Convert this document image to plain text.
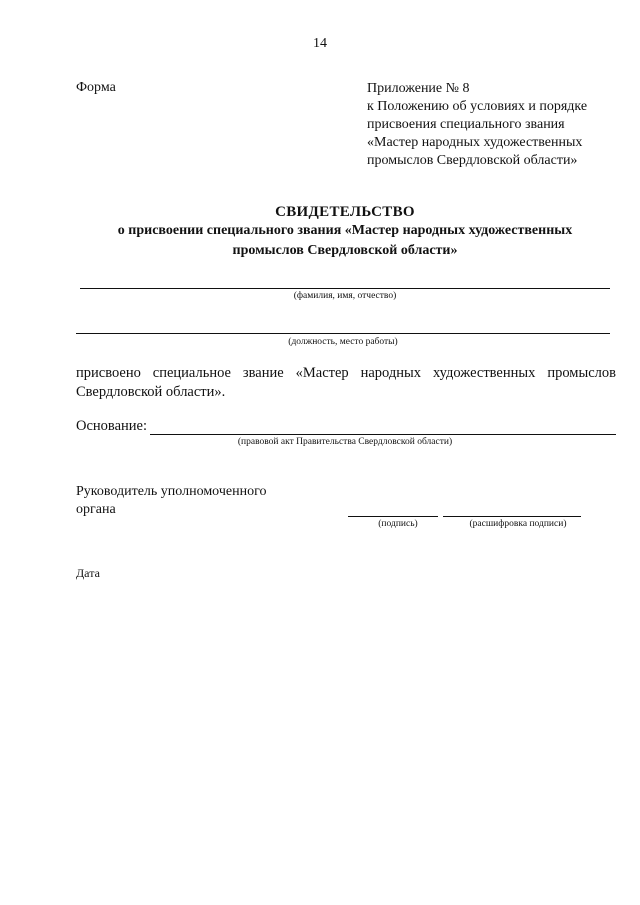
14
Форма	Приложение № 8
к Положению об условиях и порядке
присвоения специального звания
«Мастер народных художественных
промыслов Свердловской области»
СВИДЕТЕЛЬСТВО
о присвоении специального звания «Мастер народных художественных
промыслов Свердловской области»
(фамилия, имя, отчество)
(должность, место работы)
присвоено специальное звание «Мастер народных художественных промыслов Свердловской области».
Основание:
(правовой акт Правительства Свердловской области)
Руководитель уполномоченного
органа
(подпись)	(расшифровка подписи)
Дата
